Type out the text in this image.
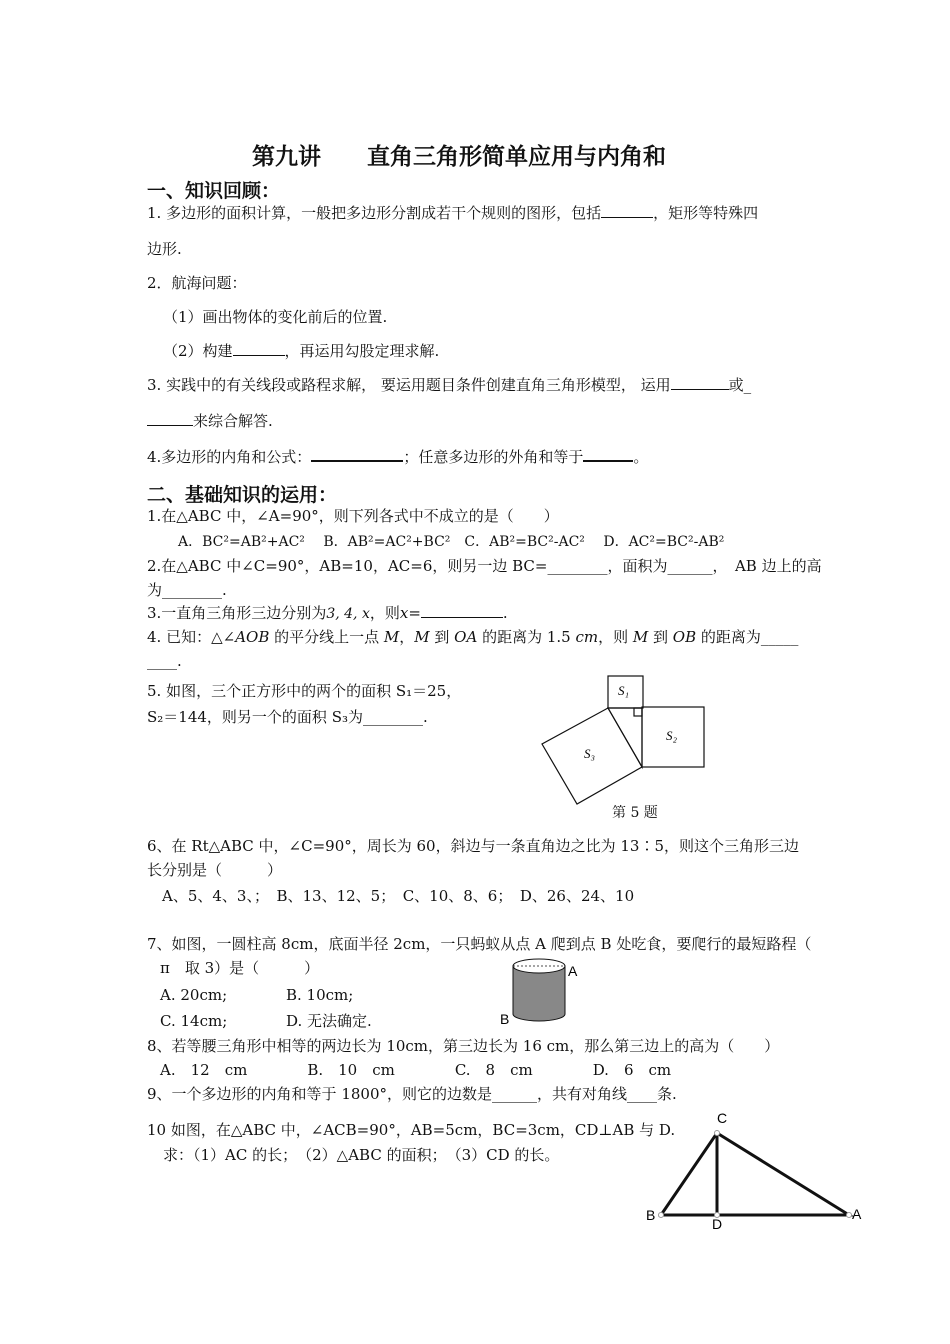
第九讲　　直角三角形简单应用与内角和
一、知识回顾：
1. 多边形的面积计算，一般把多边形分割成若干个规则的图形，包括	，矩形等特殊四
边形.
2．航海问题：
（1）画出物体的变化前后的位置.
（2）构建	，再运用勾股定理求解.
3. 实践中的有关线段或路程求解， 要运用题目条件创建直角三角形模型， 运用	或_
来综合解答.
4.多边形的内角和公式：	；任意多边形的外角和等于	。
二、基础知识的运用：
1.在△ABC 中，∠A=90°，则下列各式中不成立的是（　　）
A．BC²=AB²+AC²　 B．AB²=AC²+BC²　C．AB²=BC²-AC²　 D．AC²=BC²-AB²
2.在△ABC 中∠C=90°，AB=10，AC=6，则另一边 BC=________，面积为______，　AB 边上的高
为________.
3.一直角三角形三边分别为3, 4, x，则x=	.
4. 已知：△∠AOB 的平分线上一点 M，M 到 OA 的距离为 1.5 cm，则 M 到 OB 的距离为_____
____.
5. 如图，三个正方形中的两个的面积 S₁＝25，
S₂＝144，则另一个的面积 S₃为________.
S₁
S₂
S₃
第 5 题
6、在 Rt△ABC 中，∠C=90°，周长为 60，斜边与一条直角边之比为 13∶5，则这个三角形三边
长分别是（　　　）
A、5、4、3、；　B、13、12、5；　C、10、8、6；　D、26、24、10
7、如图，一圆柱高 8cm，底面半径 2cm，一只蚂蚁从点 A 爬到点 B 处吃食，要爬行的最短路程（
π　取 3）是（　　　）
A. 20cm;	B. 10cm;
C. 14cm;	D. 无法确定.
A
B
8、若等腰三角形中相等的两边长为 10cm，第三边长为 16 cm，那么第三边上的高为（　　）
A.　12　cm　　　　B.　10　cm　　　　C.　8　cm　　　　D.　6　cm
9、一个多边形的内角和等于 1800°，则它的边数是______，共有对角线____条.
10 如图，在△ABC 中，∠ACB=90°，AB=5cm，BC=3cm，CD⊥AB 与 D.
求：（1）AC 的长；　（2）△ABC 的面积；　（3）CD 的长。
C
B	A
D
